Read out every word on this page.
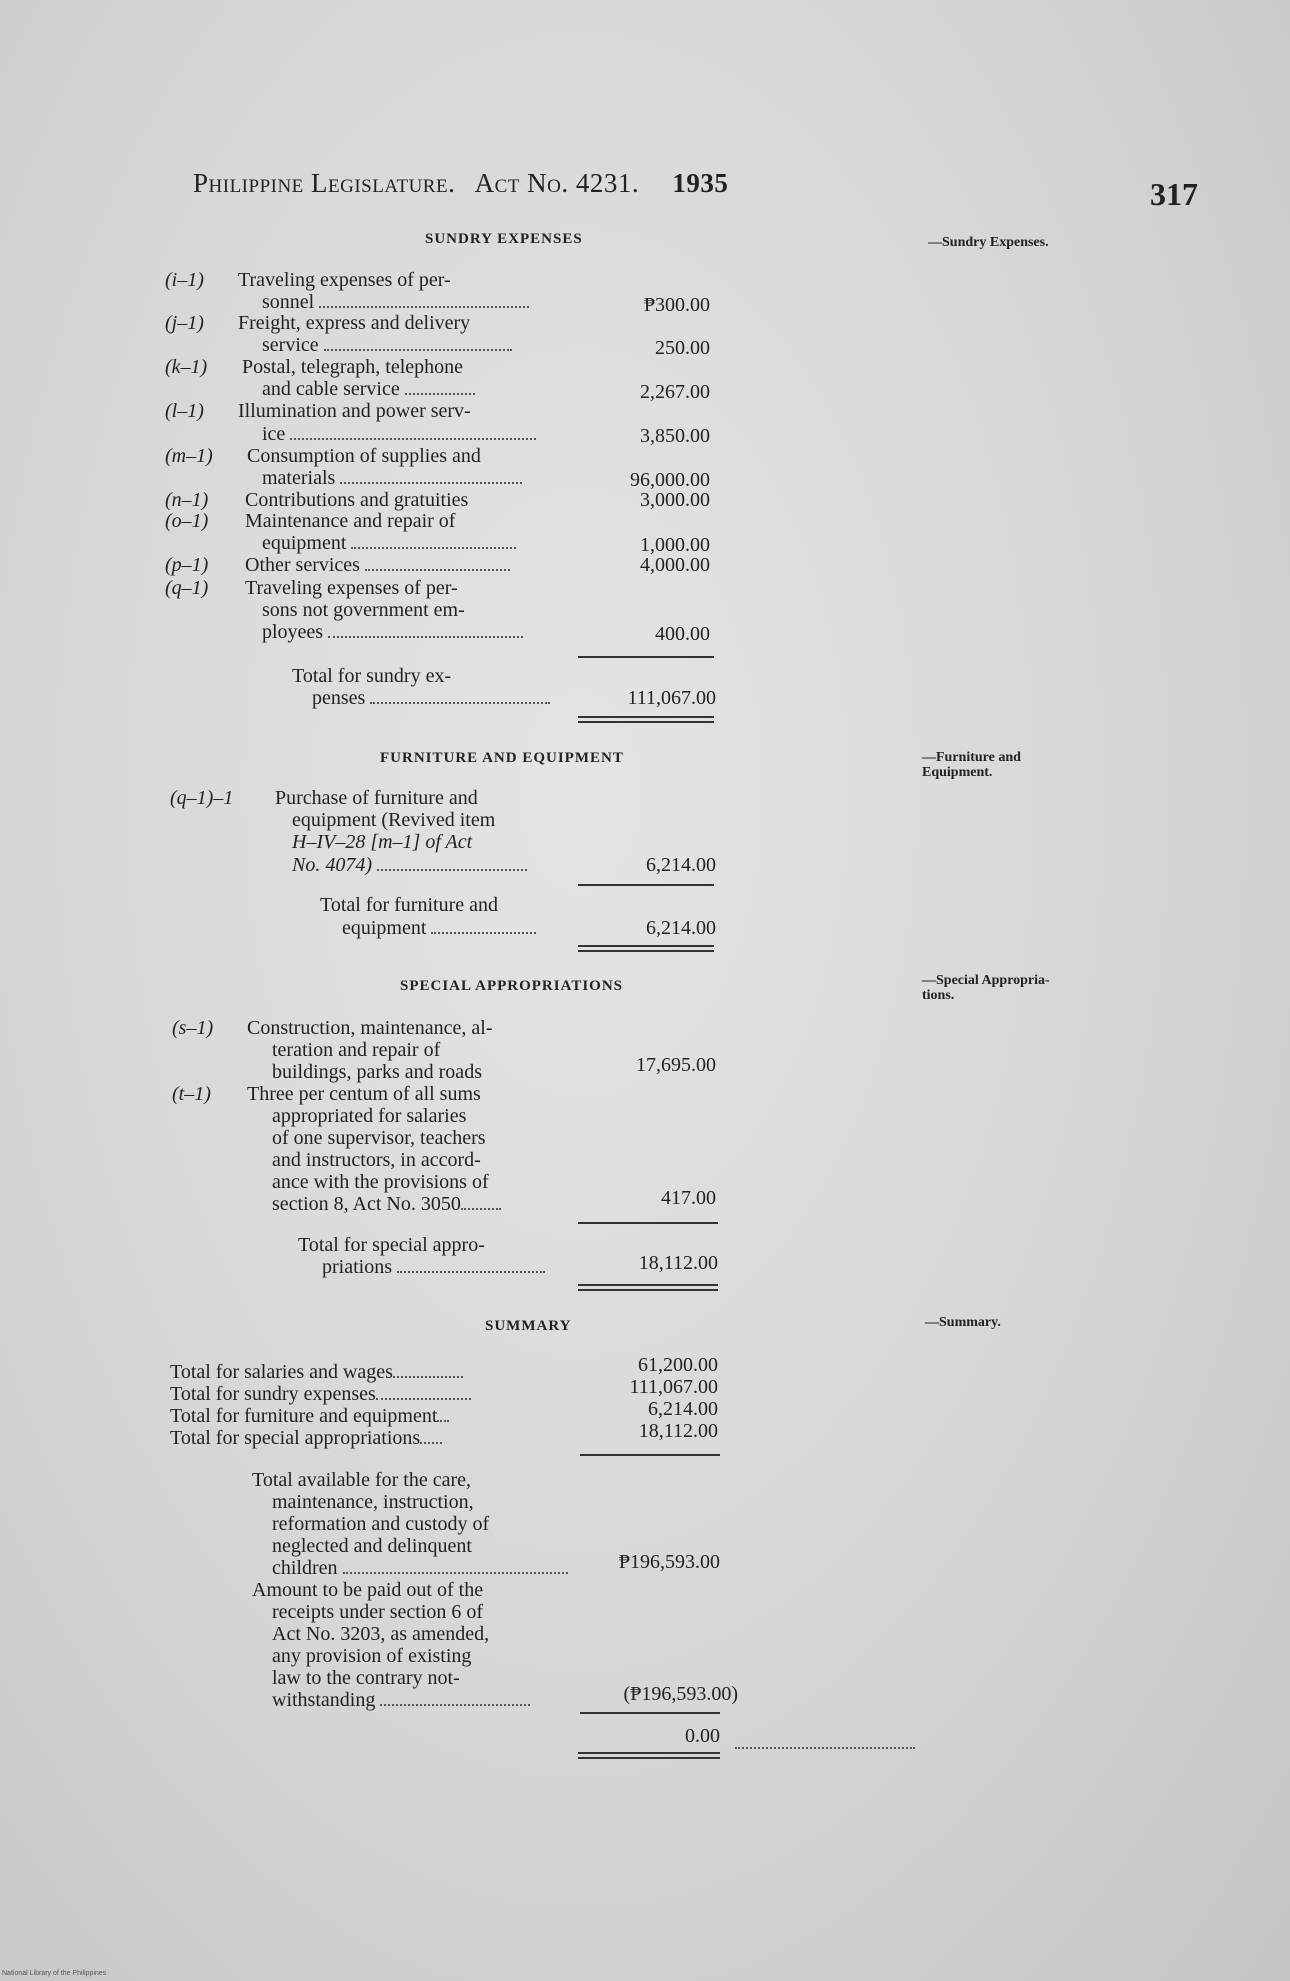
Philippine Legislature. Act No. 4231. 1935	317
SUNDRY EXPENSES	—Sundry Expenses.
(i–1) Traveling expenses of per-
sonnel	₱300.00
(j–1) Freight, express and delivery
service	250.00
(k–1) Postal, telegraph, telephone
and cable service	2,267.00
(l–1) Illumination and power serv-
ice	3,850.00
(m–1) Consumption of supplies and
materials	96,000.00
(n–1) Contributions and gratuities	3,000.00
(o–1) Maintenance and repair of
equipment	1,000.00
(p–1) Other services	4,000.00
(q–1) Traveling expenses of per-
sons not government em-
ployees	400.00
Total for sundry ex-
penses	111,067.00
FURNITURE AND EQUIPMENT	—Furniture and
Equipment.
(q–1)–1 Purchase of furniture and
equipment (Revived item
H–IV–28 [m–1] of Act
No. 4074)	6,214.00
Total for furniture and
equipment	6,214.00
SPECIAL APPROPRIATIONS	—Special Appropria-
tions.
(s–1) Construction, maintenance, al-
teration and repair of
buildings, parks and roads	17,695.00
(t–1) Three per centum of all sums
appropriated for salaries
of one supervisor, teachers
and instructors, in accord-
ance with the provisions of
section 8, Act No. 3050	417.00
Total for special appro-
priations	18,112.00
SUMMARY	—Summary.
Total for salaries and wages	61,200.00
Total for sundry expenses	111,067.00
Total for furniture and equipment	6,214.00
Total for special appropriations	18,112.00
Total available for the care,
maintenance, instruction,
reformation and custody of
neglected and delinquent
children	₱196,593.00
Amount to be paid out of the
receipts under section 6 of
Act No. 3203, as amended,
any provision of existing
law to the contrary not-
withstanding	(₱196,593.00)
0.00
National Library of the Philippines
